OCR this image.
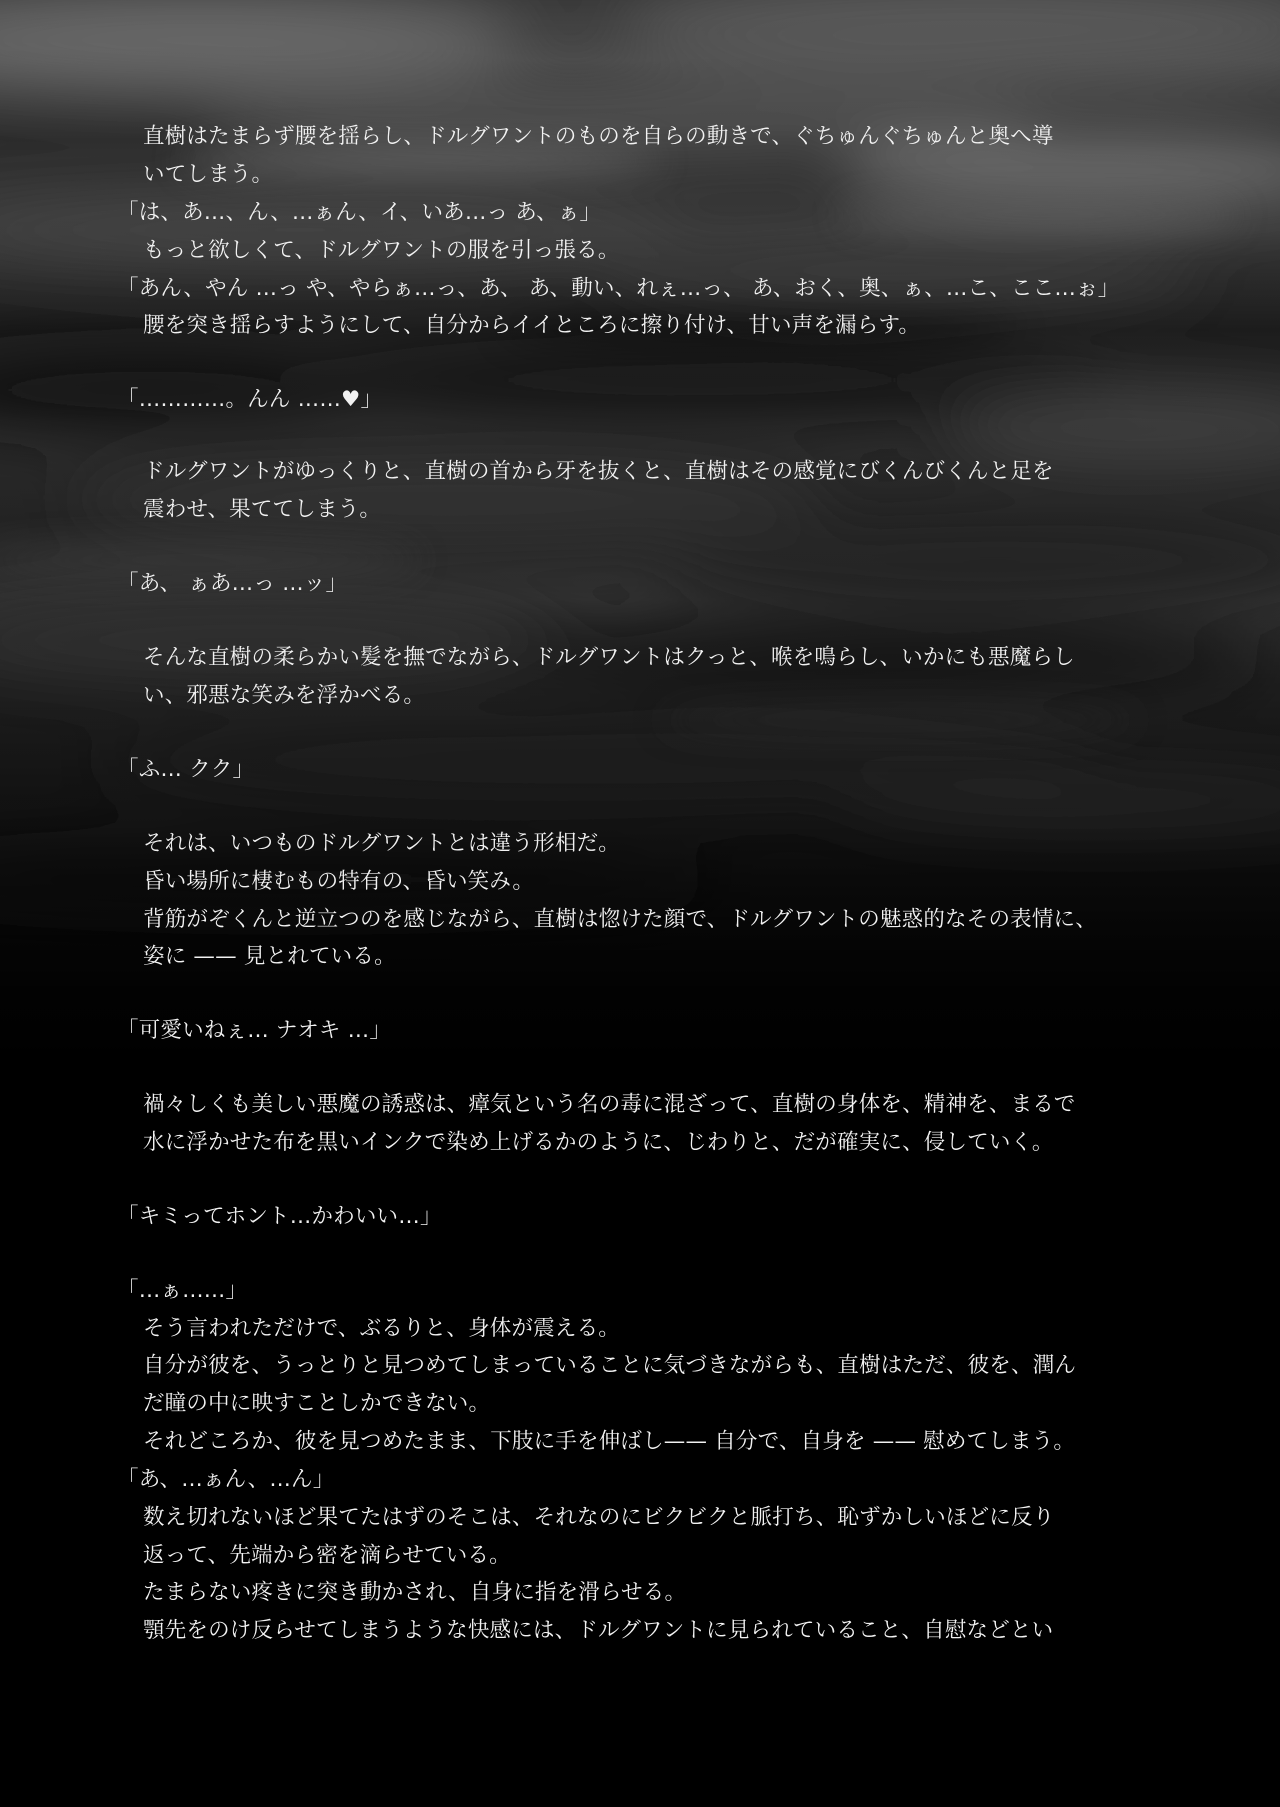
直樹はたまらず腰を揺らし、ドルグワントのものを自らの動きで、ぐちゅんぐちゅんと奥へ導
いてしまう。
「は、あ…、ん、…ぁん、イ、いあ…っ あ、ぁ」
もっと欲しくて、ドルグワントの服を引っ張る。
「あん、やん …っ や、やらぁ…っ、あ、 あ、動い、れぇ…っ、 あ、おく、奥、ぁ、…こ、ここ…ぉ」
腰を突き揺らすようにして、自分からイイところに擦り付け、甘い声を漏らす。
「…………。んん ……♥」
ドルグワントがゆっくりと、直樹の首から牙を抜くと、直樹はその感覚にびくんびくんと足を
震わせ、果ててしまう。
「あ、 ぁあ…っ …ッ」
そんな直樹の柔らかい髪を撫でながら、ドルグワントはクっと、喉を鳴らし、いかにも悪魔らし
い、邪悪な笑みを浮かべる。
「ふ… クク」
それは、いつものドルグワントとは違う形相だ。
昏い場所に棲むもの特有の、昏い笑み。
背筋がぞくんと逆立つのを感じながら、直樹は惚けた顔で、ドルグワントの魅惑的なその表情に、
姿に —— 見とれている。
「可愛いねぇ… ナオキ …」
禍々しくも美しい悪魔の誘惑は、瘴気という名の毒に混ざって、直樹の身体を、精神を、まるで
水に浮かせた布を黒いインクで染め上げるかのように、じわりと、だが確実に、侵していく。
「キミってホント…かわいい…」
「…ぁ……」
そう言われただけで、ぶるりと、身体が震える。
自分が彼を、うっとりと見つめてしまっていることに気づきながらも、直樹はただ、彼を、潤ん
だ瞳の中に映すことしかできない。
それどころか、彼を見つめたまま、下肢に手を伸ばし—— 自分で、自身を —— 慰めてしまう。
「あ、…ぁん、…ん」
数え切れないほど果てたはずのそこは、それなのにビクビクと脈打ち、恥ずかしいほどに反り
返って、先端から密を滴らせている。
たまらない疼きに突き動かされ、自身に指を滑らせる。
顎先をのけ反らせてしまうような快感には、ドルグワントに見られていること、自慰などとい
